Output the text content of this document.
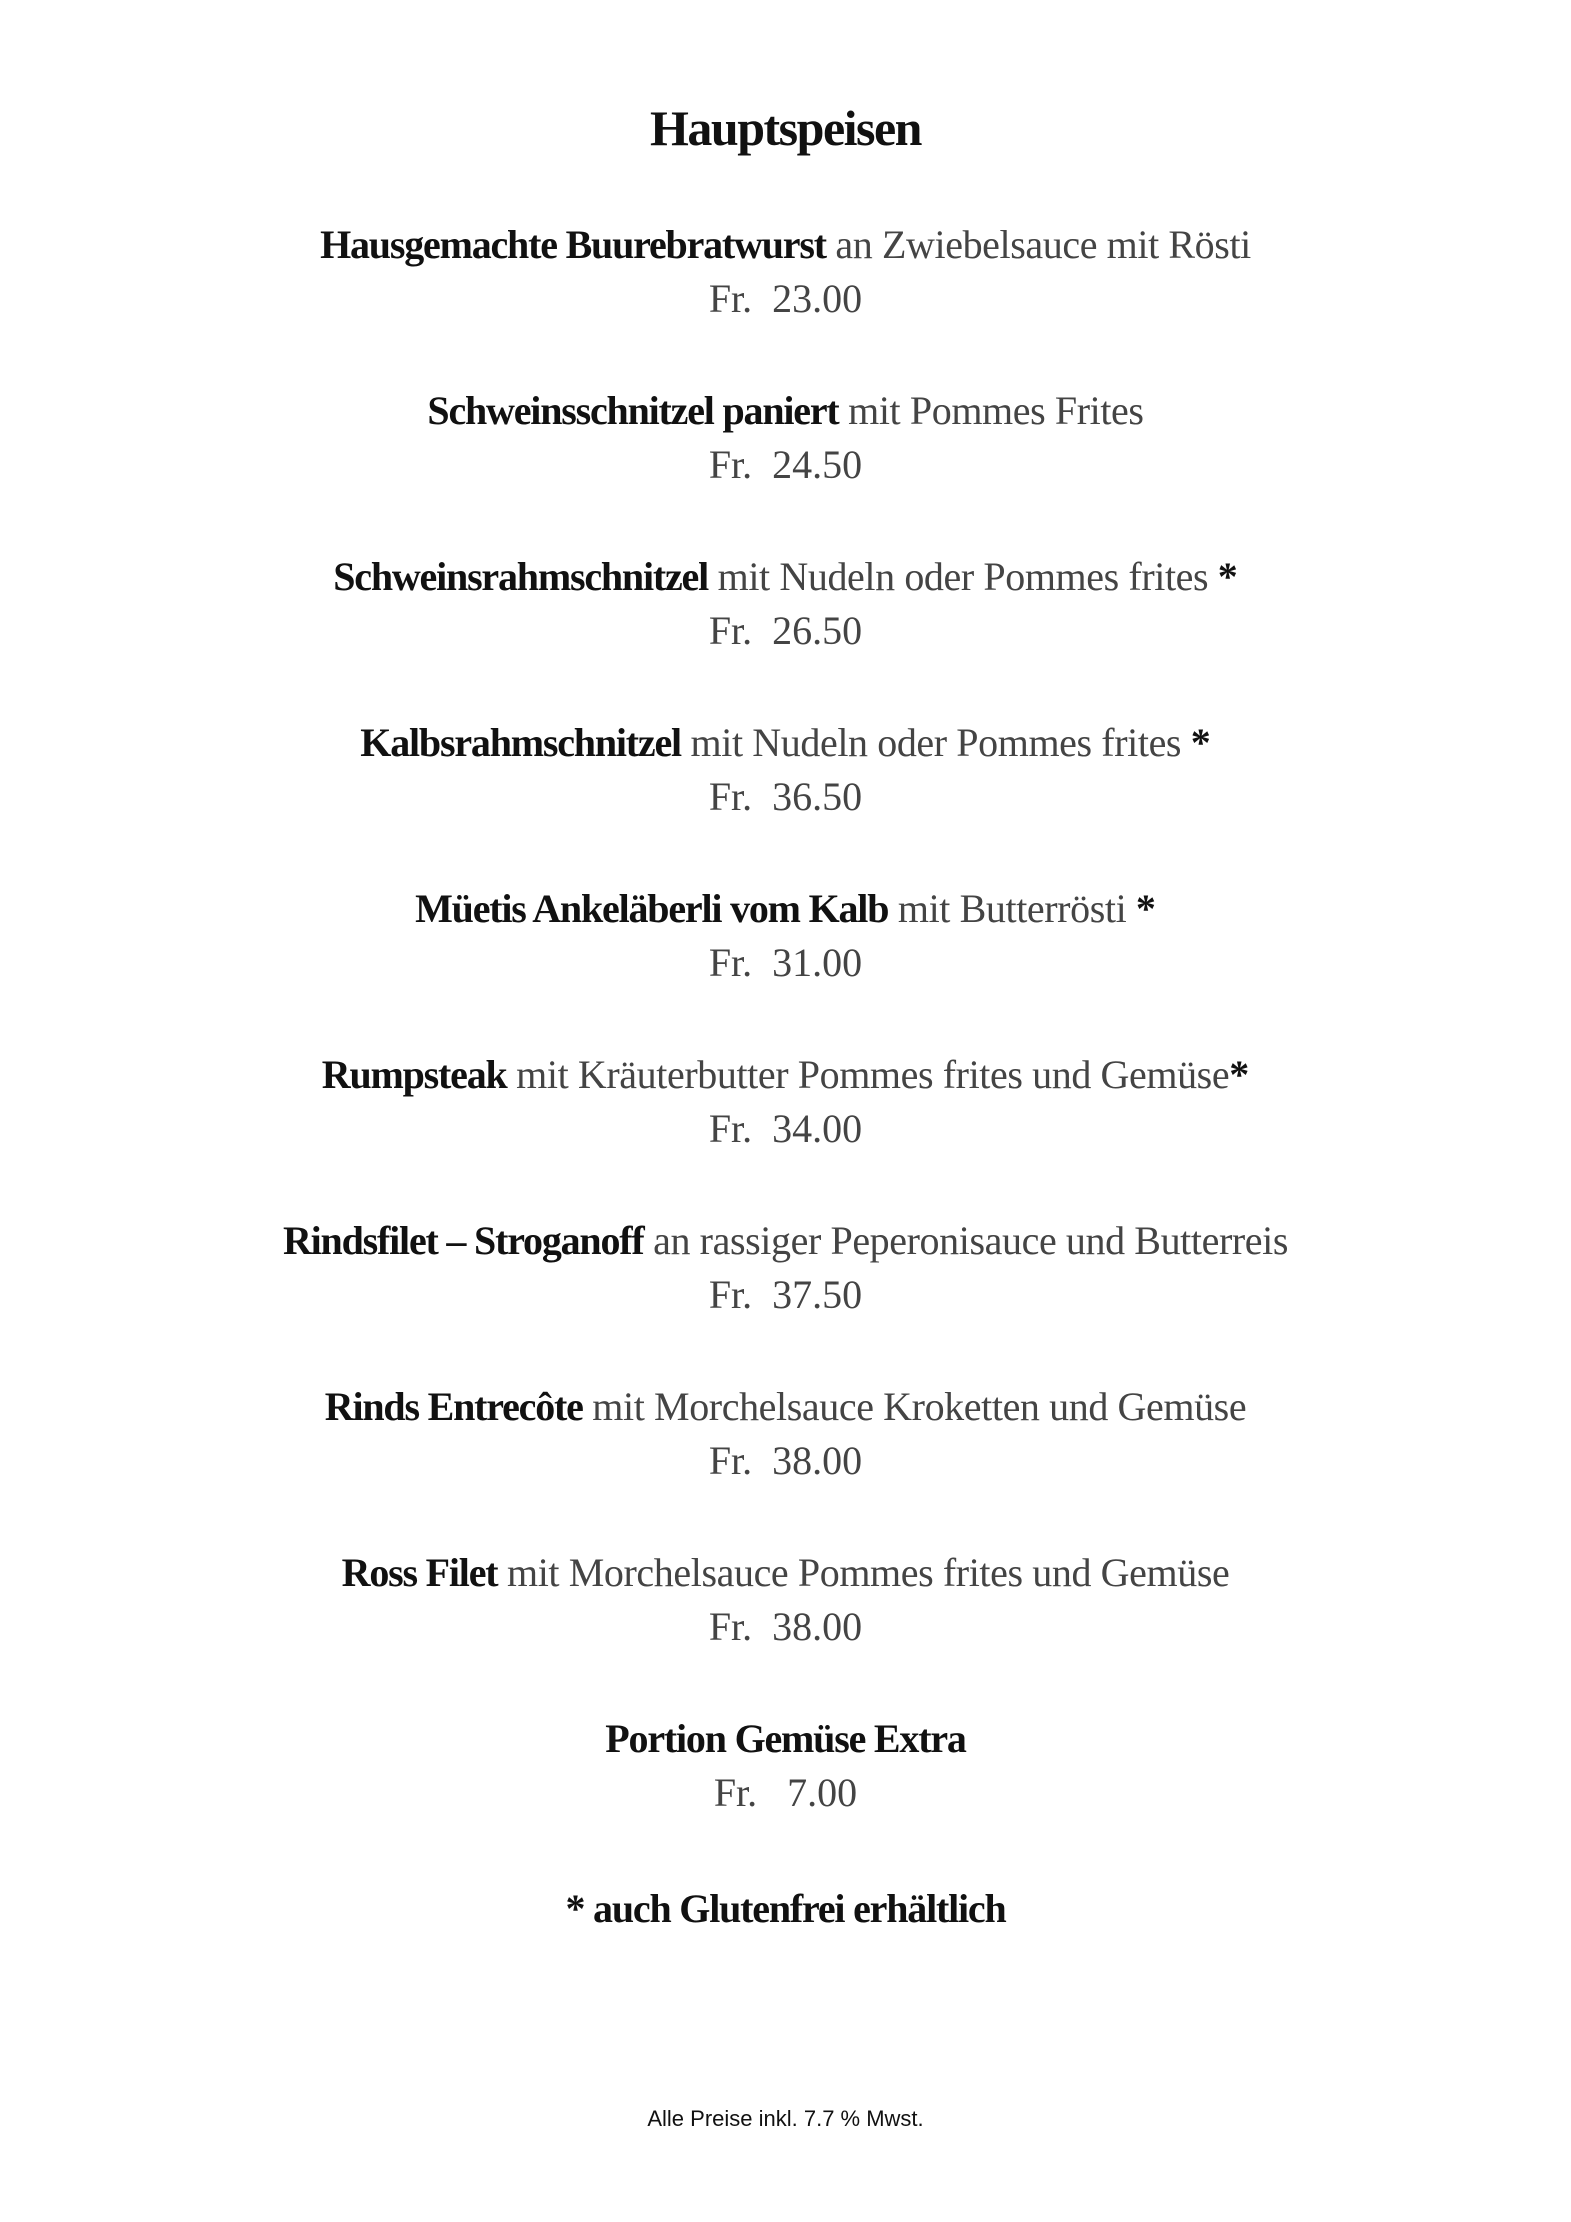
Hauptspeisen
Hausgemachte Buurebratwurst an Zwiebelsauce mit Rösti
Fr.  23.00
Schweinsschnitzel paniert mit Pommes Frites
Fr.  24.50
Schweinsrahmschnitzel mit Nudeln oder Pommes frites *
Fr.  26.50
Kalbsrahmschnitzel mit Nudeln oder Pommes frites *
Fr.  36.50
Müetis Ankeläberli vom Kalb mit Butterrösti *
Fr.  31.00
Rumpsteak mit Kräuterbutter Pommes frites und Gemüse*
Fr.  34.00
Rindsfilet – Stroganoff an rassiger Peperonisauce und Butterreis
Fr.  37.50
Rinds Entrecôte mit Morchelsauce Kroketten und Gemüse
Fr.  38.00
Ross Filet mit Morchelsauce Pommes frites und Gemüse
Fr.  38.00
Portion Gemüse Extra
Fr.   7.00
* auch Glutenfrei erhältlich
Alle Preise inkl. 7.7 % Mwst.
